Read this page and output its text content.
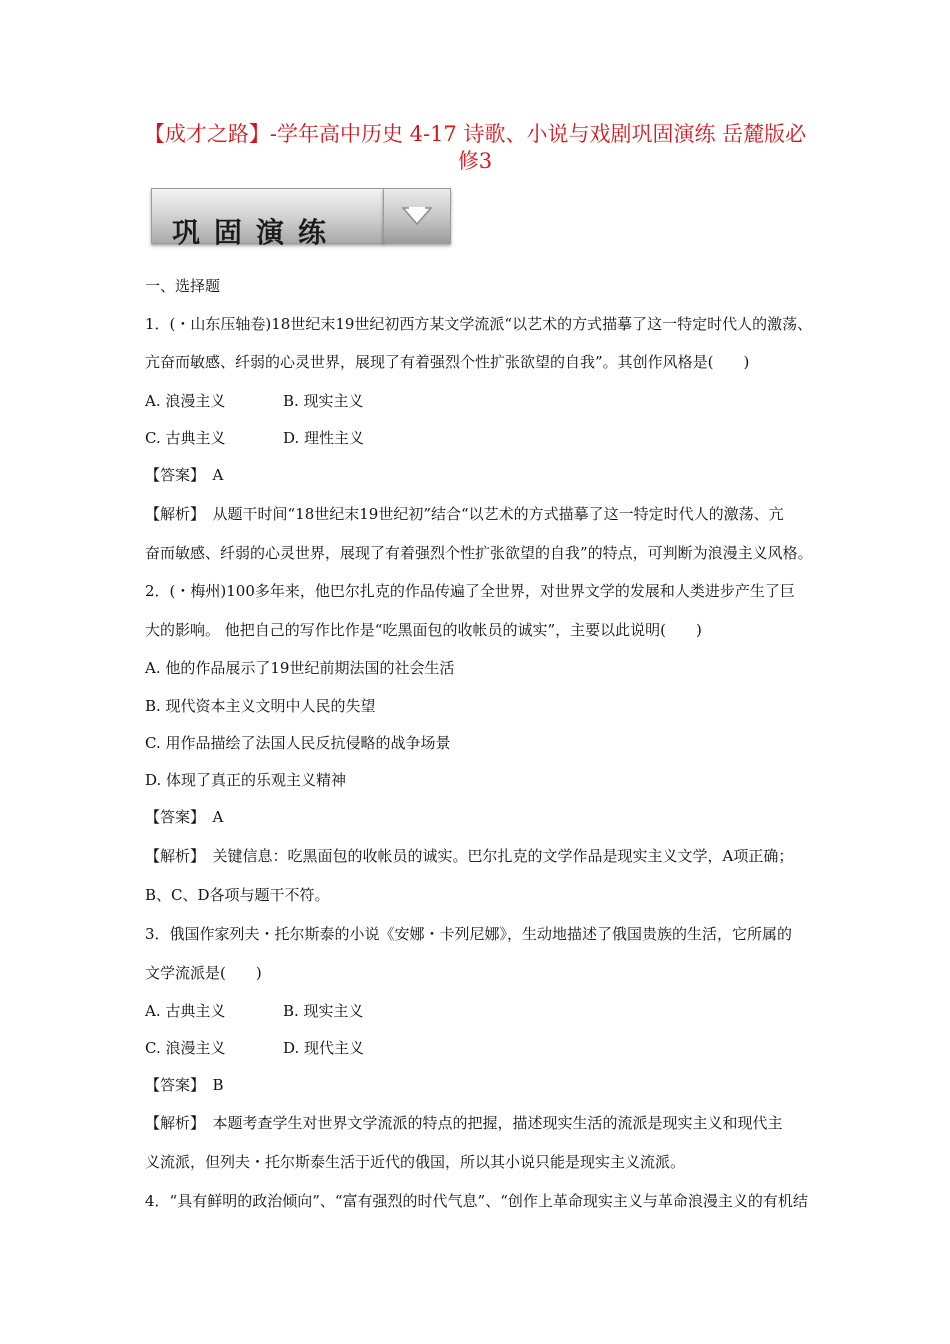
【成才之路】-学年高中历史 4-17 诗歌、小说与戏剧巩固演练 岳麓版必
修3
巩固演练
一、选择题
1．(・山东压轴卷)18世纪末19世纪初西方某文学流派“以艺术的方式描摹了这一特定时代人的激荡、
亢奋而敏感、纤弱的心灵世界，展现了有着强烈个性扩张欲望的自我”。其创作风格是(　　)
A. 浪漫主义	B. 现实主义
C. 古典主义	D. 理性主义
【答案】　A
【解析】　从题干时间“18世纪末19世纪初”结合“以艺术的方式描摹了这一特定时代人的激荡、亢
奋而敏感、纤弱的心灵世界，展现了有着强烈个性扩张欲望的自我”的特点，可判断为浪漫主义风格。
2．(・梅州)100多年来，他巴尔扎克的作品传遍了全世界，对世界文学的发展和人类进步产生了巨
大的影响。 他把自己的写作比作是“吃黑面包的收帐员的诚实”，主要以此说明(　　)
A. 他的作品展示了19世纪前期法国的社会生活
B. 现代资本主义文明中人民的失望
C. 用作品描绘了法国人民反抗侵略的战争场景
D. 体现了真正的乐观主义精神
【答案】　A
【解析】　关键信息：吃黑面包的收帐员的诚实。巴尔扎克的文学作品是现实主义文学，A项正确；
B、C、D各项与题干不符。
3．俄国作家列夫・托尔斯泰的小说《安娜・卡列尼娜》，生动地描述了俄国贵族的生活，它所属的
文学流派是(　　)
A. 古典主义	B. 现实主义
C. 浪漫主义	D. 现代主义
【答案】　B
【解析】　本题考查学生对世界文学流派的特点的把握，描述现实生活的流派是现实主义和现代主
义流派，但列夫・托尔斯泰生活于近代的俄国，所以其小说只能是现实主义流派。
4．“具有鲜明的政治倾向”、“富有强烈的时代气息”、“创作上革命现实主义与革命浪漫主义的有机结
